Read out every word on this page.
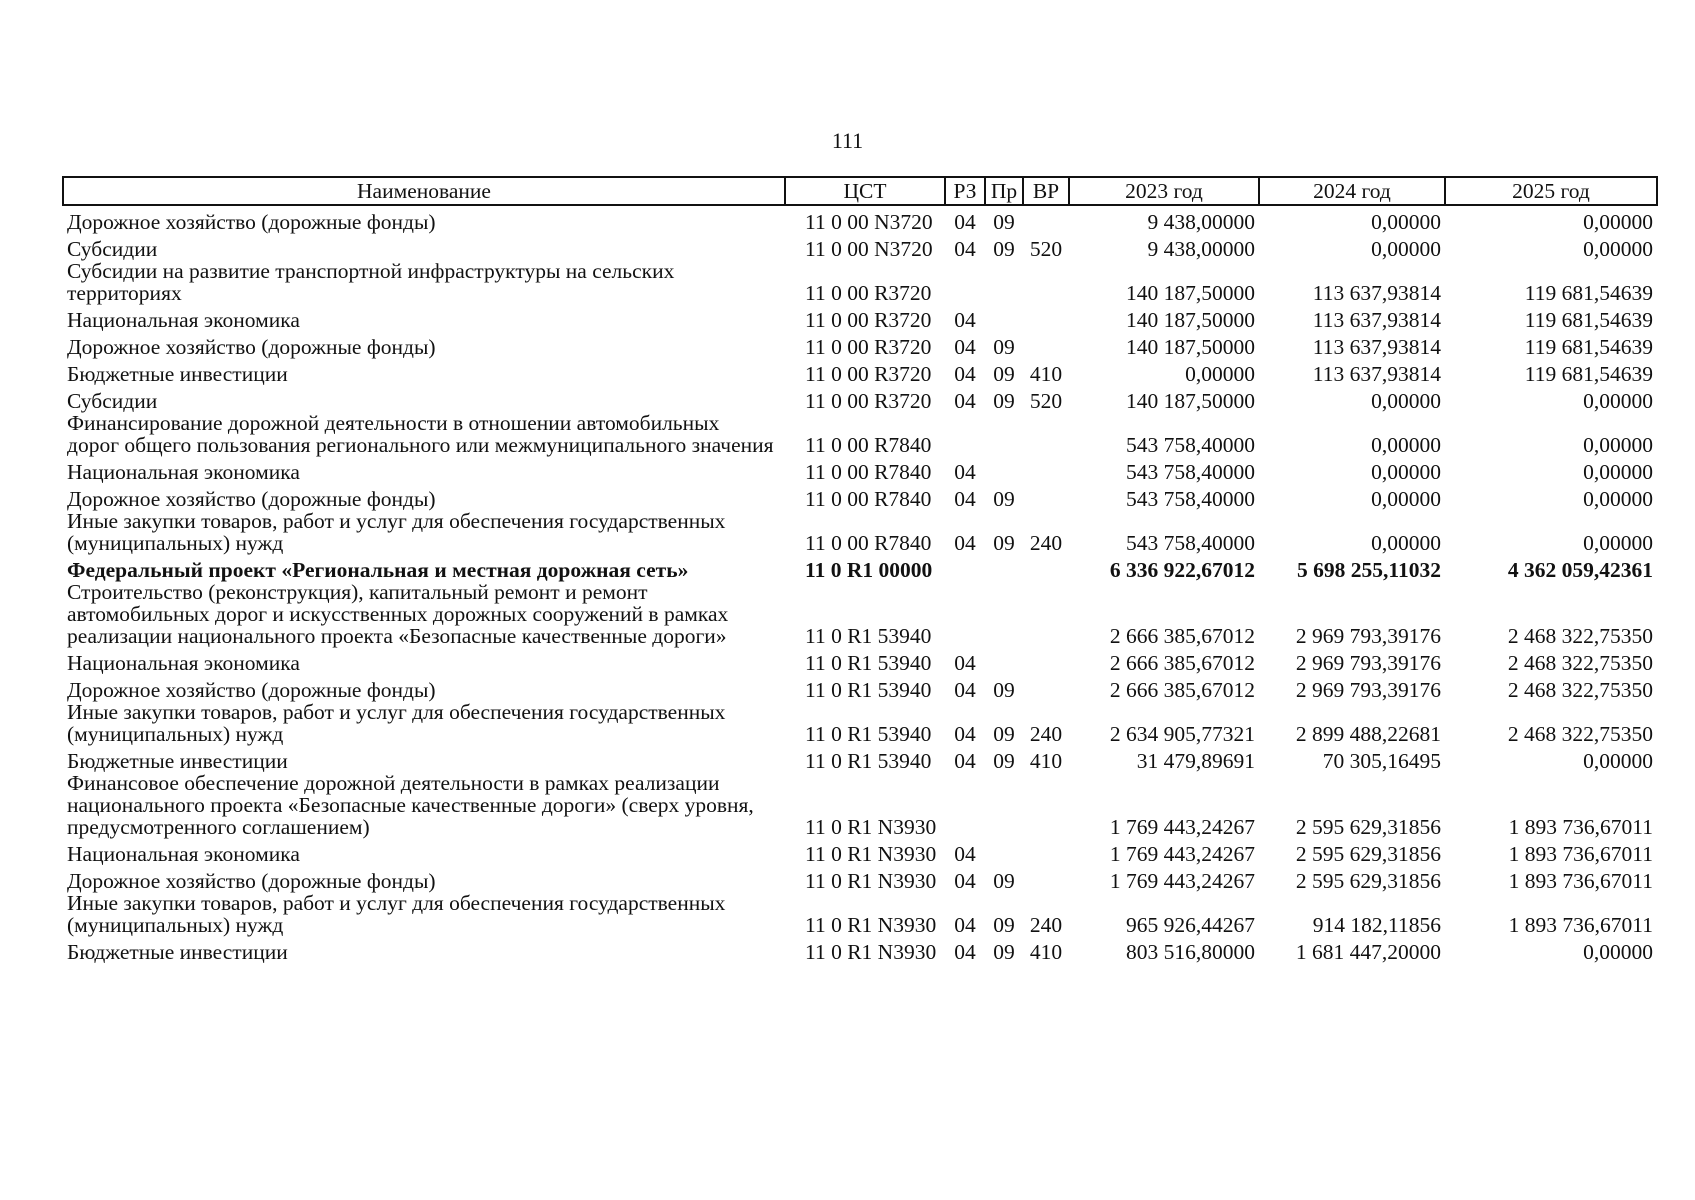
111
Наименование	ЦСТ	РЗ	Пр	ВР	2023 год	2024 год	2025 год
Дорожное хозяйство (дорожные фонды)	11 0 00 N3720	04	09		9 438,00000	0,00000	0,00000
Субсидии	11 0 00 N3720	04	09	520	9 438,00000	0,00000	0,00000
Субсидии на развитие транспортной инфраструктуры на сельских территориях	11 0 00 R3720				140 187,50000	113 637,93814	119 681,54639
Национальная экономика	11 0 00 R3720	04			140 187,50000	113 637,93814	119 681,54639
Дорожное хозяйство (дорожные фонды)	11 0 00 R3720	04	09		140 187,50000	113 637,93814	119 681,54639
Бюджетные инвестиции	11 0 00 R3720	04	09	410	0,00000	113 637,93814	119 681,54639
Субсидии	11 0 00 R3720	04	09	520	140 187,50000	0,00000	0,00000
Финансирование дорожной деятельности в отношении автомобильных дорог общего пользования регионального или межмуниципального значения	11 0 00 R7840				543 758,40000	0,00000	0,00000
Национальная экономика	11 0 00 R7840	04			543 758,40000	0,00000	0,00000
Дорожное хозяйство (дорожные фонды)	11 0 00 R7840	04	09		543 758,40000	0,00000	0,00000
Иные закупки товаров, работ и услуг для обеспечения государственных (муниципальных) нужд	11 0 00 R7840	04	09	240	543 758,40000	0,00000	0,00000
Федеральный проект «Региональная и местная дорожная сеть»	11 0 R1 00000				6 336 922,67012	5 698 255,11032	4 362 059,42361
Строительство (реконструкция), капитальный ремонт и ремонт автомобильных дорог и искусственных дорожных сооружений в рамках реализации национального проекта «Безопасные качественные дороги»	11 0 R1 53940				2 666 385,67012	2 969 793,39176	2 468 322,75350
Национальная экономика	11 0 R1 53940	04			2 666 385,67012	2 969 793,39176	2 468 322,75350
Дорожное хозяйство (дорожные фонды)	11 0 R1 53940	04	09		2 666 385,67012	2 969 793,39176	2 468 322,75350
Иные закупки товаров, работ и услуг для обеспечения государственных (муниципальных) нужд	11 0 R1 53940	04	09	240	2 634 905,77321	2 899 488,22681	2 468 322,75350
Бюджетные инвестиции	11 0 R1 53940	04	09	410	31 479,89691	70 305,16495	0,00000
Финансовое обеспечение дорожной деятельности в рамках реализации национального проекта «Безопасные качественные дороги» (сверх уровня, предусмотренного соглашением)	11 0 R1 N3930				1 769 443,24267	2 595 629,31856	1 893 736,67011
Национальная экономика	11 0 R1 N3930	04			1 769 443,24267	2 595 629,31856	1 893 736,67011
Дорожное хозяйство (дорожные фонды)	11 0 R1 N3930	04	09		1 769 443,24267	2 595 629,31856	1 893 736,67011
Иные закупки товаров, работ и услуг для обеспечения государственных (муниципальных) нужд	11 0 R1 N3930	04	09	240	965 926,44267	914 182,11856	1 893 736,67011
Бюджетные инвестиции	11 0 R1 N3930	04	09	410	803 516,80000	1 681 447,20000	0,00000
